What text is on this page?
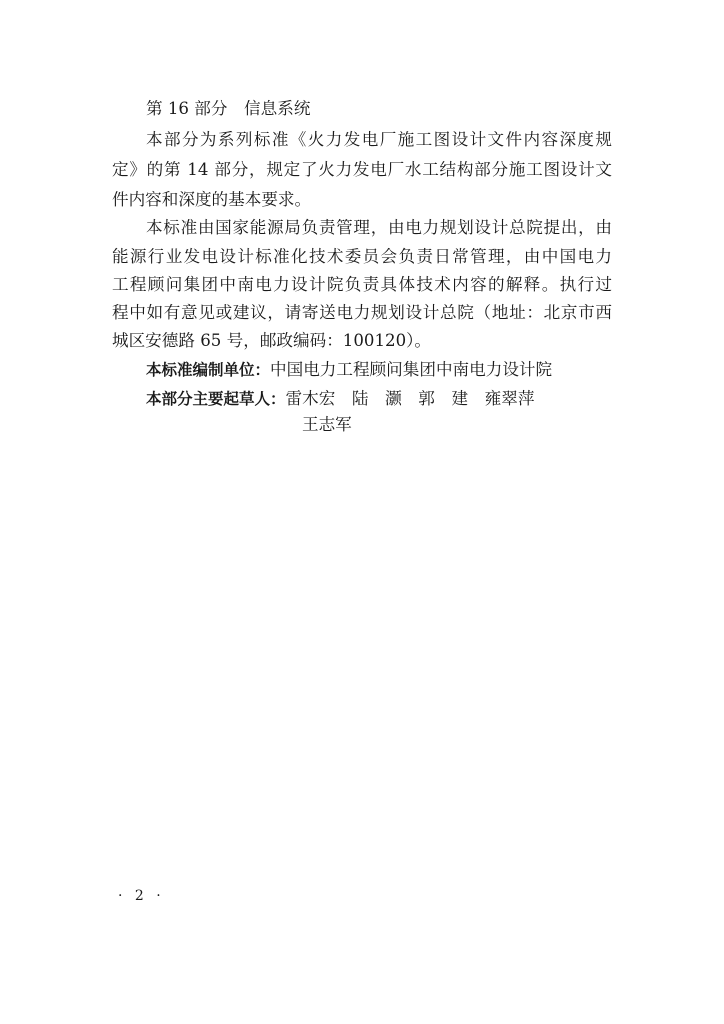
第 16 部分　信息系统
本部分为系列标准《火力发电厂施工图设计文件内容深度规
定》的第 14 部分，规定了火力发电厂水工结构部分施工图设计文
件内容和深度的基本要求。
本标准由国家能源局负责管理，由电力规划设计总院提出，由
能源行业发电设计标准化技术委员会负责日常管理，由中国电力
工程顾问集团中南电力设计院负责具体技术内容的解释。执行过
程中如有意见或建议，请寄送电力规划设计总院（地址：北京市西
城区安德路 65 号，邮政编码：100120）。
本标准编制单位：中国电力工程顾问集团中南电力设计院
本部分主要起草人：雷木宏　陆　灏　郭　建　雍翠萍
王志军
· 2 ·
